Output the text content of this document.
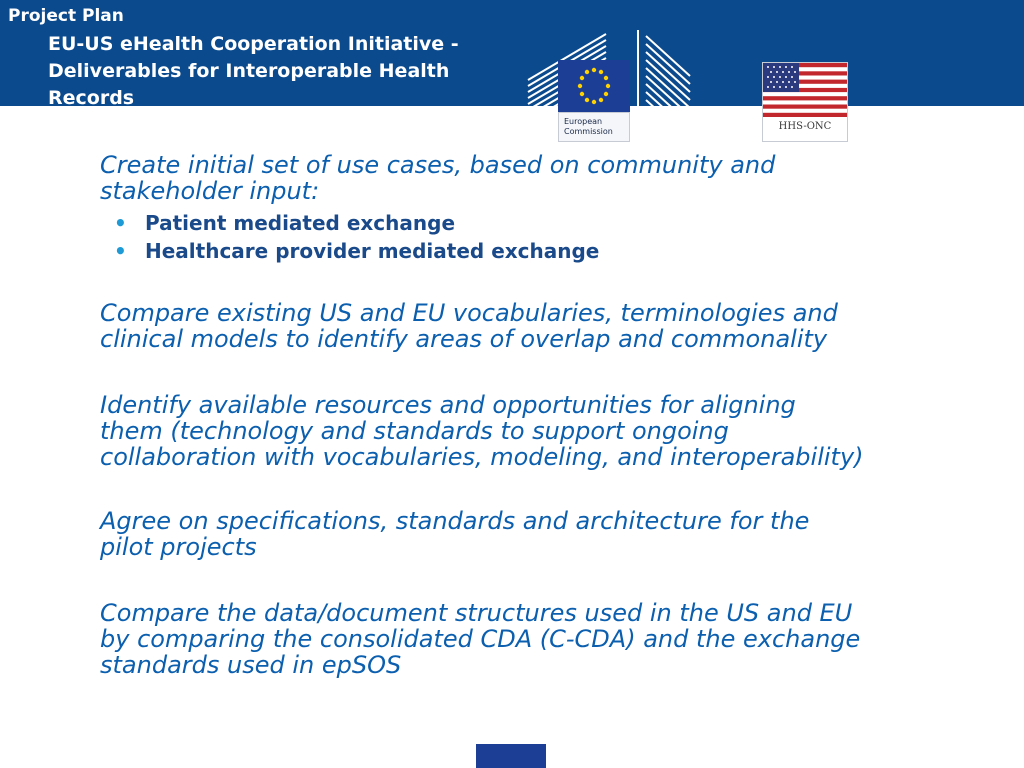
Project Plan
EU-US eHealth Cooperation Initiative -
Deliverables for Interoperable Health
Records
European
Commission	HHS-ONC
Create initial set of use cases, based on community and
stakeholder input:
• Patient mediated exchange
• Healthcare provider mediated exchange
Compare existing US and EU vocabularies, terminologies and
clinical models to identify areas of overlap and commonality
Identify available resources and opportunities for aligning
them (technology and standards to support ongoing
collaboration with vocabularies, modeling, and interoperability)
Agree on specifications, standards and architecture for the
pilot projects
Compare the data/document structures used in the US and EU
by comparing the consolidated CDA (C-CDA) and the exchange
standards used in epSOS
